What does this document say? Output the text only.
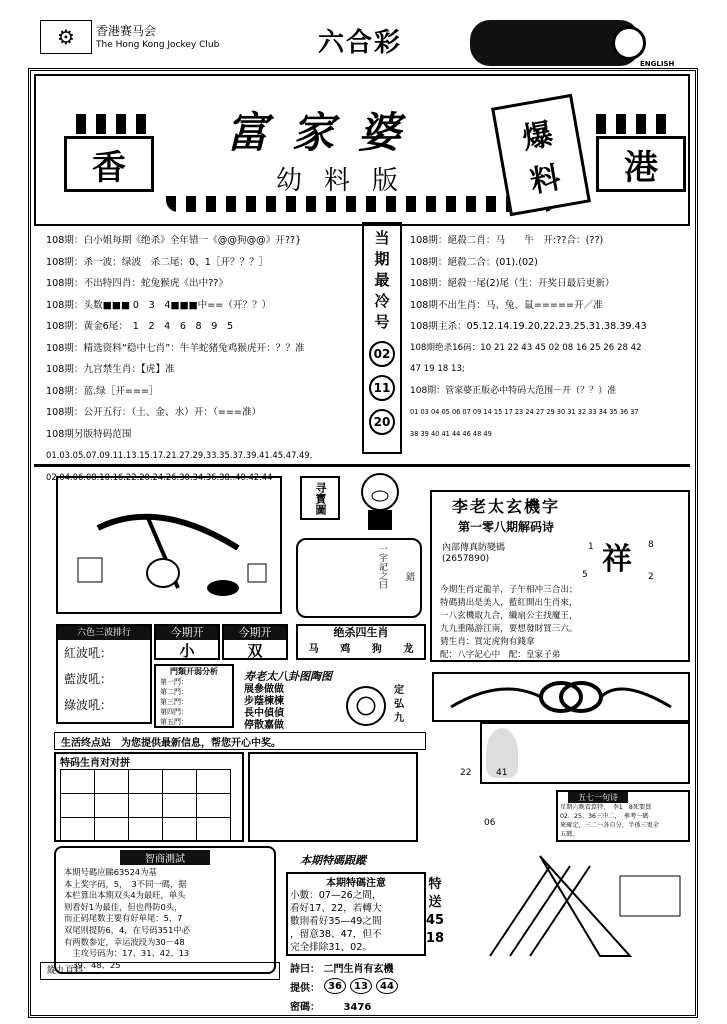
⚙	香港赛马会
The Hong Kong Jockey Club	六合彩
ENGLISH
香	港
富家婆
幼料版
爆
料
108期：白小姐每期《绝杀》全年错一《@@狗@@》开??}
108期：杀一波：绿波　杀二尾：0、1［开？？？］
108期：不出特四肖：蛇兔猴虎《出中??》
108期：头数■■■ 0　3　4■■■中==（开？？）
108期：黄金6尾：　1　2　4　6　8　9　5
108期：精选资料“稳中七肖”：牛羊蛇猪兔鸡猴虎开：？？准
108期：九宫禁生肖：【虎】准
108期：蓝.绿［开===］
108期：公开五行：（土、金、水）开：（===准）
108期另版特码范围
01.03.05.07.09.11.13.15.17.21.27.29.33.35.37.39.41.45.47.49.
02.04.06.08.10.16.22.20.24.26.30.34.36.38..40.42.44
当
期
最
冷
号
02
11
20
108期：絕殺二肖：马　　牛　开:??合：(??)
108期：絕殺二合：(01).(02)
108期：絕殺一尾(2)尾（生：开奖日最后更新）
108期不出生肖：马、兔、鼠=====开／准
108期主杀：05.12.14.19.20.22.23.25.31.38.39.43
108期绝杀16码：10 21 22 43 45 02 08 16 25 26 28 42
47 19 18 13;
108期：管家婆正版必中特码大范围－开（？？）准
01 03 04 05 06 07 09 14 15 17 23 24 27 29 30 31 32 33 34 35 36 37
38 39 40 41 44 46 48 49
寻寳圖
一字記之曰 錯
李老太玄機字
第一零八期解码诗
內部傳真防變碼
(2657890)	祥
1	8
5	2
今期生肖定龍羊，子午相冲三合出；
特碼猜出是美人，藍紅開出生肖來，
一八玄機取九合，纖扇公主找魔王，
九九重陽游江南，要想發財買三六。
猜生肖：買定虎狗有錢拿
配：八字記心中　配：皇家子弟
六色三波排行
紅波吼：
藍波吼：
綠波吼：
今期开
小
今期开
双
绝杀四生肖
马 鸡 狗 龙
門類开弱分析
第一門：
第二門：
第三門：
第四門：
第五門：
寿老太八卦图陶图
展參做做
步蔭楝楝
長中偵偵
停散嘉做
定
弘
九
生活终点站 为您提供最新信息，帮您开心中奖。
特码生肖对对拼

22	41
06
五七一句诗
星期六晚看算特，　李1　8死要買
02．25、36三中二，　參考一碼
來確定，三二一各自分，半孫三更全
五碼。
智商測試
本期号碼应睇63524为基
本上奖字码，5，　3不同一碼，据
本栏算出本期双头4为最旺，单头
则看好1为最佳，但也得防0头，
而正码尾数主要有好单尾：5，7
双尾则提防6，4，在号码351中必
有两数参定，幸运波段为30－48
　主攻号码为：17、31、42、13
　39、48、25
本期特碼跟蹤
本期特碼注意
小數：07—26之間，
看好17、22，若轉大
數則看好35—49之間
，留意38、47，但不
完全排除31、02。
特
送
45
18
詩曰： 二門生肖有玄機
提供： 36	13	44
密碼： 3476
縱九頁料
